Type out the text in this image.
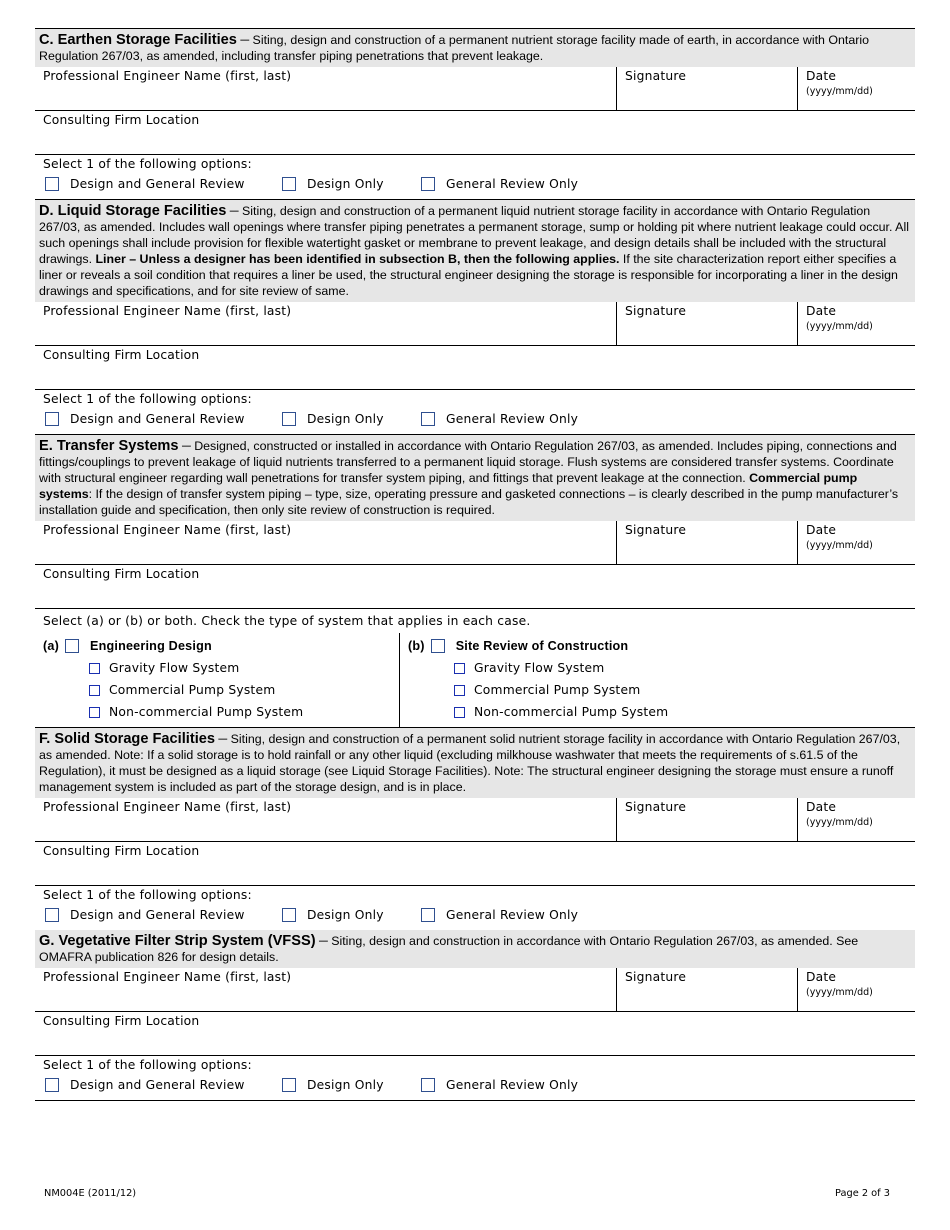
C. Earthen Storage Facilities ─ Siting, design and construction of a permanent nutrient storage facility made of earth, in accordance with Ontario Regulation 267/03, as amended, including transfer piping penetrations that prevent leakage.
Professional Engineer Name (first, last)	Signature	Date (yyyy/mm/dd)
Consulting Firm Location
Select 1 of the following options:
Design and General Review	Design Only	General Review Only
D. Liquid Storage Facilities ─ Siting, design and construction of a permanent liquid nutrient storage facility in accordance with Ontario Regulation 267/03, as amended. Includes wall openings where transfer piping penetrates a permanent storage, sump or holding pit where nutrient leakage could occur. All such openings shall include provision for flexible watertight gasket or membrane to prevent leakage, and design details shall be included with the structural drawings. Liner – Unless a designer has been identified in subsection B, then the following applies. If the site characterization report either specifies a liner or reveals a soil condition that requires a liner be used, the structural engineer designing the storage is responsible for incorporating a liner in the design drawings and specifications, and for site review of same.
Professional Engineer Name (first, last)	Signature	Date (yyyy/mm/dd)
Consulting Firm Location
Select 1 of the following options:
Design and General Review	Design Only	General Review Only
E. Transfer Systems ─ Designed, constructed or installed in accordance with Ontario Regulation 267/03, as amended. Includes piping, connections and fittings/couplings to prevent leakage of liquid nutrients transferred to a permanent liquid storage. Flush systems are considered transfer systems. Coordinate with structural engineer regarding wall penetrations for transfer system piping, and fittings that prevent leakage at the connection. Commercial pump systems: If the design of transfer system piping – type, size, operating pressure and gasketed connections – is clearly described in the pump manufacturer’s installation guide and specification, then only site review of construction is required.
Professional Engineer Name (first, last)	Signature	Date (yyyy/mm/dd)
Consulting Firm Location
Select (a) or (b) or both. Check the type of system that applies in each case.
(a) Engineering Design
Gravity Flow System
Commercial Pump System
Non-commercial Pump System
(b) Site Review of Construction
Gravity Flow System
Commercial Pump System
Non-commercial Pump System
F. Solid Storage Facilities ─ Siting, design and construction of a permanent solid nutrient storage facility in accordance with Ontario Regulation 267/03, as amended. Note: If a solid storage is to hold rainfall or any other liquid (excluding milkhouse washwater that meets the requirements of s.61.5 of the Regulation), it must be designed as a liquid storage (see Liquid Storage Facilities). Note: The structural engineer designing the storage must ensure a runoff management system is included as part of the storage design, and is in place.
Professional Engineer Name (first, last)	Signature	Date (yyyy/mm/dd)
Consulting Firm Location
Select 1 of the following options:
Design and General Review	Design Only	General Review Only
G. Vegetative Filter Strip System (VFSS) ─ Siting, design and construction in accordance with Ontario Regulation 267/03, as amended. See OMAFRA publication 826 for design details.
Professional Engineer Name (first, last)	Signature	Date (yyyy/mm/dd)
Consulting Firm Location
Select 1 of the following options:
Design and General Review	Design Only	General Review Only
NM004E (2011/12)	Page 2 of 3
